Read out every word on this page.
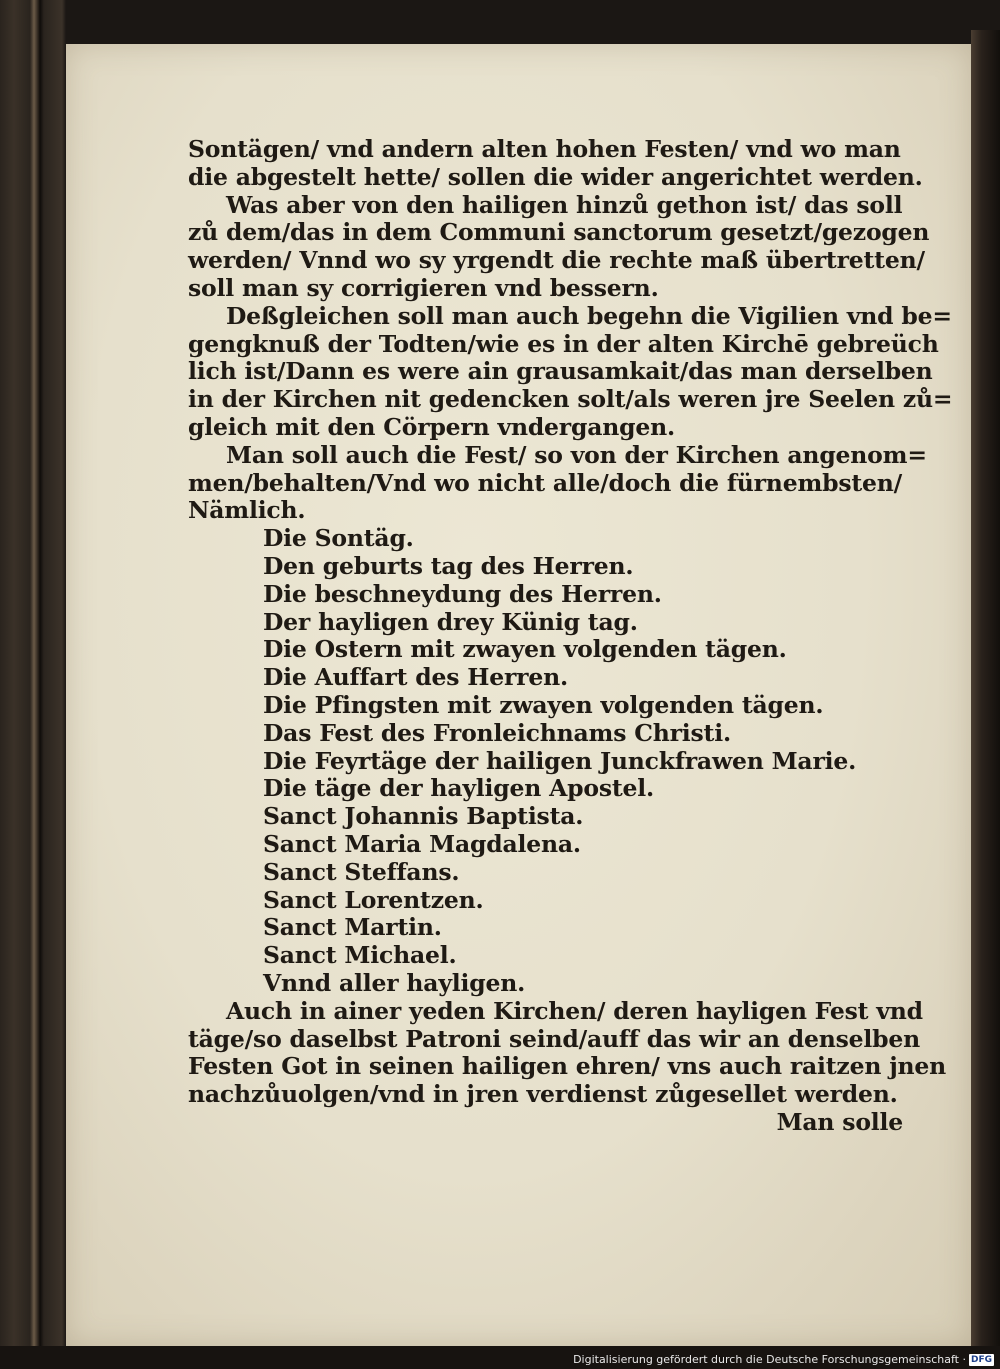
Digitalisierung gefördert durch die Deutsche Forschungsgemeinschaft · DFG
Sontägen/ vnd andern alten hohen Festen/ vnd wo man
die abgestelt hette/ sollen die wider angerichtet werden.
Was aber von den hailigen hinzů gethon ist/ das soll
zů dem/das in dem Communi sanctorum gesetzt/gezogen
werden/ Vnnd wo sy yrgendt die rechte maß übertretten/
soll man sy corrigieren vnd bessern.
Deßgleichen soll man auch begehn die Vigilien vnd be=
gengknuß der Todten/wie es in der alten Kirchē gebreüch
lich ist/Dann es were ain grausamkait/das man derselben
in der Kirchen nit gedencken solt/als weren jre Seelen zů=
gleich mit den Cörpern vndergangen.
Man soll auch die Fest/ so von der Kirchen angenom=
men/behalten/Vnd wo nicht alle/doch die fürnembsten/
Nämlich.
Die Sontäg.
Den geburts tag des Herren.
Die beschneydung des Herren.
Der hayligen drey Künig tag.
Die Ostern mit zwayen volgenden tägen.
Die Auffart des Herren.
Die Pfingsten mit zwayen volgenden tägen.
Das Fest des Fronleichnams Christi.
Die Feyrtäge der hailigen Junckfrawen Marie.
Die täge der hayligen Apostel.
Sanct Johannis Baptista.
Sanct Maria Magdalena.
Sanct Steffans.
Sanct Lorentzen.
Sanct Martin.
Sanct Michael.
Vnnd aller hayligen.
Auch in ainer yeden Kirchen/ deren hayligen Fest vnd
täge/so daselbst Patroni seind/auff das wir an denselben
Festen Got in seinen hailigen ehren/ vns auch raitzen jnen
nachzůuolgen/vnd in jren verdienst zůgesellet werden.
Man solle
